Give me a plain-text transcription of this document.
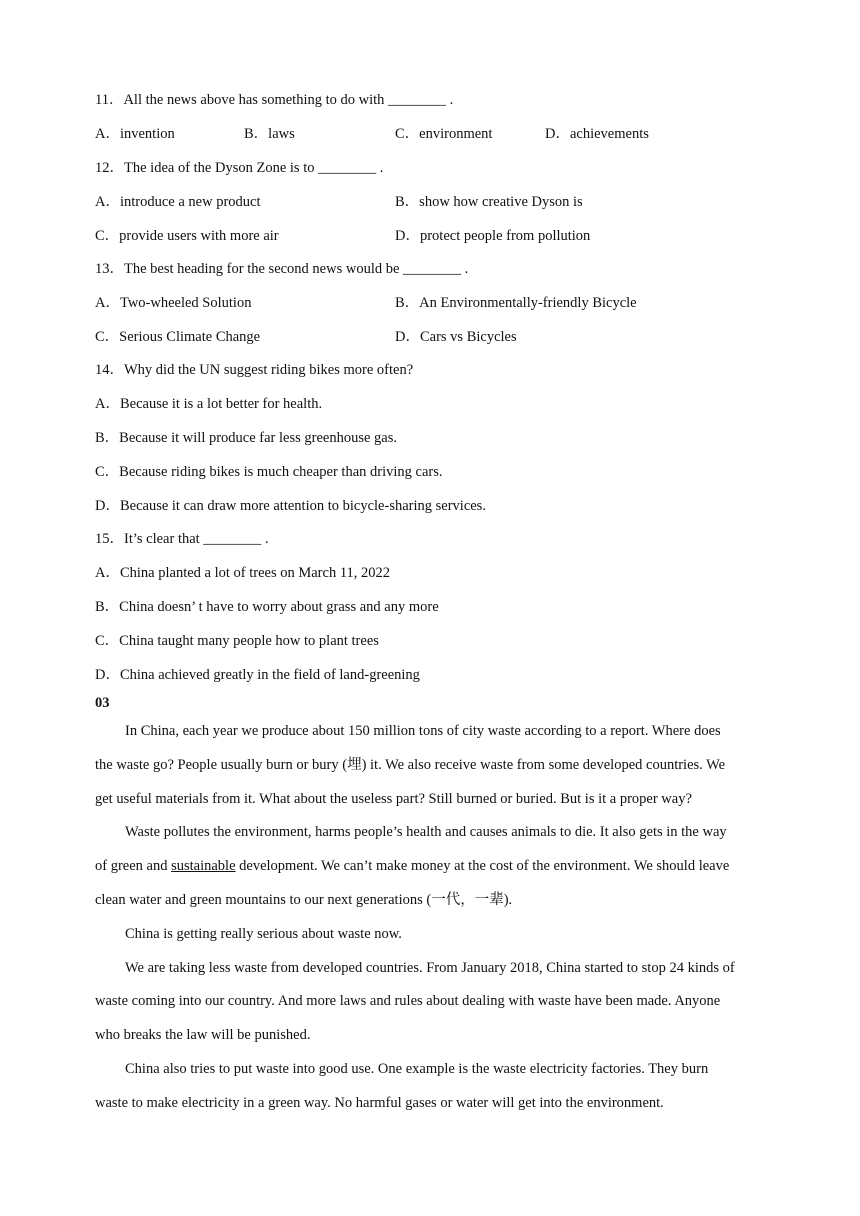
11．All the news above has something to do with ________ .
A．invention	B．laws	C．environment	D．achievements
12．The idea of the Dyson Zone is to ________ .
A．introduce a new product	B．show how creative Dyson is
C．provide users with more air	D．protect people from pollution
13．The best heading for the second news would be ________ .
A．Two-wheeled Solution	B．An Environmentally-friendly Bicycle
C．Serious Climate Change	D．Cars vs Bicycles
14．Why did the UN suggest riding bikes more often?
A．Because it is a lot better for health.
B．Because it will produce far less greenhouse gas.
C．Because riding bikes is much cheaper than driving cars.
D．Because it can draw more attention to bicycle-sharing services.
15．It’s clear that ________ .
A．China planted a lot of trees on March 11, 2022
B．China doesn’ t have to worry about grass and any more
C．China taught many people how to plant trees
D．China achieved greatly in the field of land-greening
03
In China, each year we produce about 150 million tons of city waste according to a report. Where does
the waste go? People usually burn or bury (埋) it. We also receive waste from some developed countries. We
get useful materials from it. What about the useless part? Still burned or buried. But is it a proper way?
Waste pollutes the environment, harms people’s health and causes animals to die. It also gets in the way
of green and sustainable development. We can’t make money at the cost of the environment. We should leave
clean water and green mountains to our next generations (一代，一辈).
China is getting really serious about waste now.
We are taking less waste from developed countries. From January 2018, China started to stop 24 kinds of
waste coming into our country. And more laws and rules about dealing with waste have been made. Anyone
who breaks the law will be punished.
China also tries to put waste into good use. One example is the waste electricity factories. They burn
waste to make electricity in a green way. No harmful gases or water will get into the environment.
